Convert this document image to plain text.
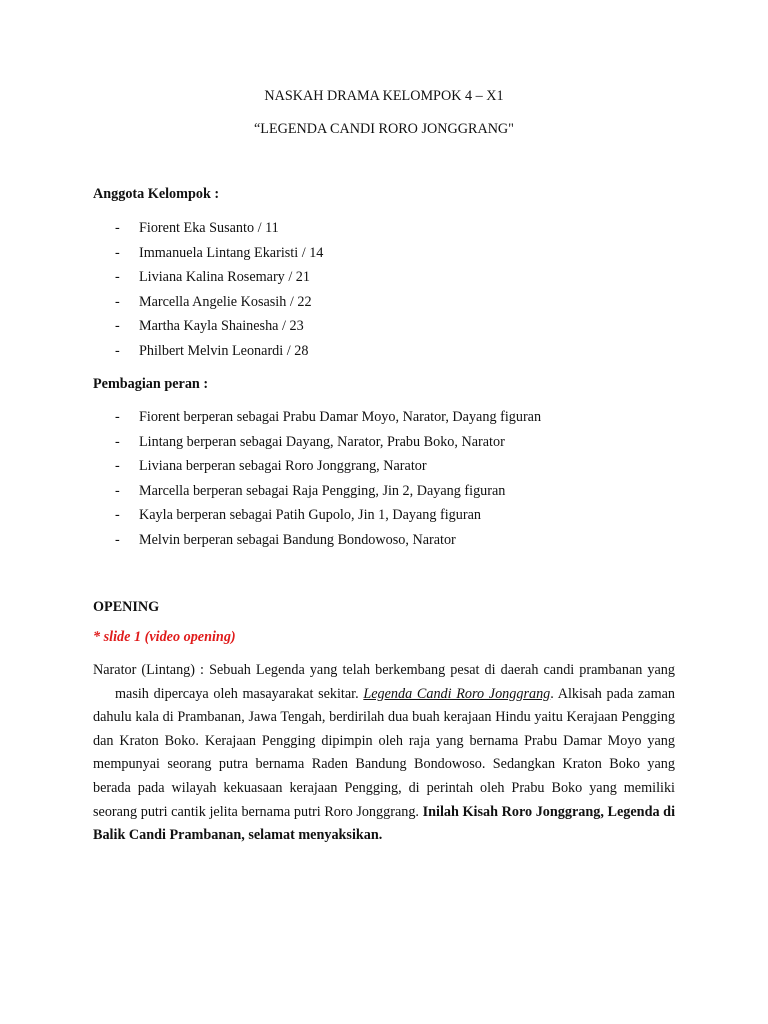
NASKAH DRAMA KELOMPOK 4 – X1
“LEGENDA CANDI RORO JONGGRANG"
Anggota Kelompok :
- Fiorent Eka Susanto / 11
- Immanuela Lintang Ekaristi / 14
- Liviana Kalina Rosemary / 21
- Marcella Angelie Kosasih / 22
- Martha Kayla Shainesha / 23
- Philbert Melvin Leonardi / 28
Pembagian peran :
- Fiorent berperan sebagai Prabu Damar Moyo, Narator, Dayang figuran
- Lintang berperan sebagai Dayang, Narator, Prabu Boko, Narator
- Liviana berperan sebagai Roro Jonggrang, Narator
- Marcella berperan sebagai Raja Pengging, Jin 2, Dayang figuran
- Kayla berperan sebagai Patih Gupolo, Jin 1, Dayang figuran
- Melvin berperan sebagai Bandung Bondowoso, Narator
OPENING
* slide 1 (video opening)
Narator (Lintang) : Sebuah Legenda yang telah berkembang pesat di daerah candi prambanan yang
masih dipercaya oleh masayarakat sekitar. Legenda Candi Roro Jonggrang. Alkisah pada zaman
dahulu kala di Prambanan, Jawa Tengah, berdirilah dua buah kerajaan Hindu yaitu Kerajaan Pengging
dan Kraton Boko. Kerajaan Pengging dipimpin oleh raja yang bernama Prabu Damar Moyo yang
mempunyai seorang putra bernama Raden Bandung Bondowoso. Sedangkan Kraton Boko yang
berada pada wilayah kekuasaan kerajaan Pengging, di perintah oleh Prabu Boko yang memiliki
seorang putri cantik jelita bernama putri Roro Jonggrang. Inilah Kisah Roro Jonggrang, Legenda di
Balik Candi Prambanan, selamat menyaksikan.
